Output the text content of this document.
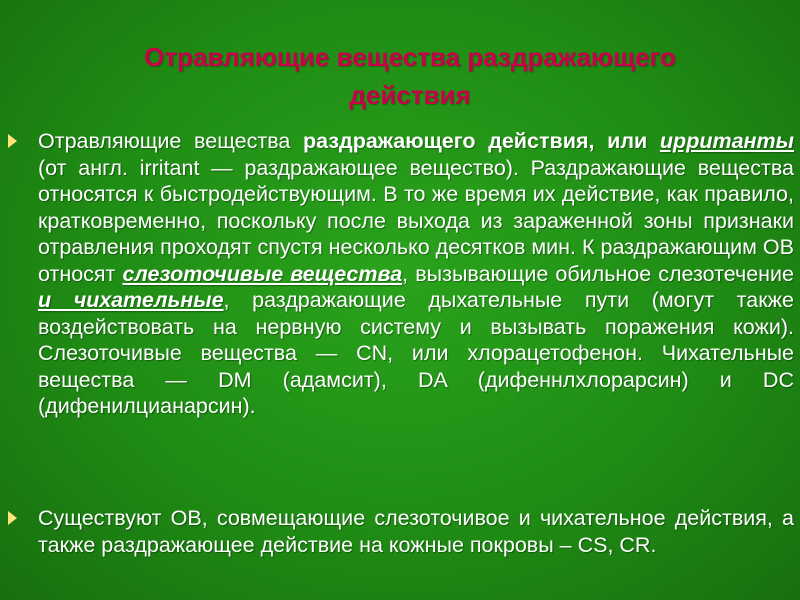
Отравляющие вещества раздражающего
действия
Отравляющие вещества раздражающего действия, или ирританты (от англ. irritant — раздражающее вещество). Раздражающие вещества относятся к быстродействующим. В то же время их действие, как правило, кратковременно, поскольку после выхода из зараженной зоны признаки отравления проходят спустя несколько десятков мин. К раздражающим ОВ относят слезоточивые вещества, вызывающие обильное слезотечение и чихательные, раздражающие дыхательные пути (могут также воздействовать на нервную систему и вызывать поражения кожи). Слезоточивые вещества — CN, или хлорацетофенон. Чихательные вещества — DM (адамсит), DA (дифеннлхлорарсин) и DC (дифенилцианарсин).
Существуют ОВ, совмещающие слезоточивое и чихательное действия, а также раздражающее действие на кожные покровы – CS, CR.
